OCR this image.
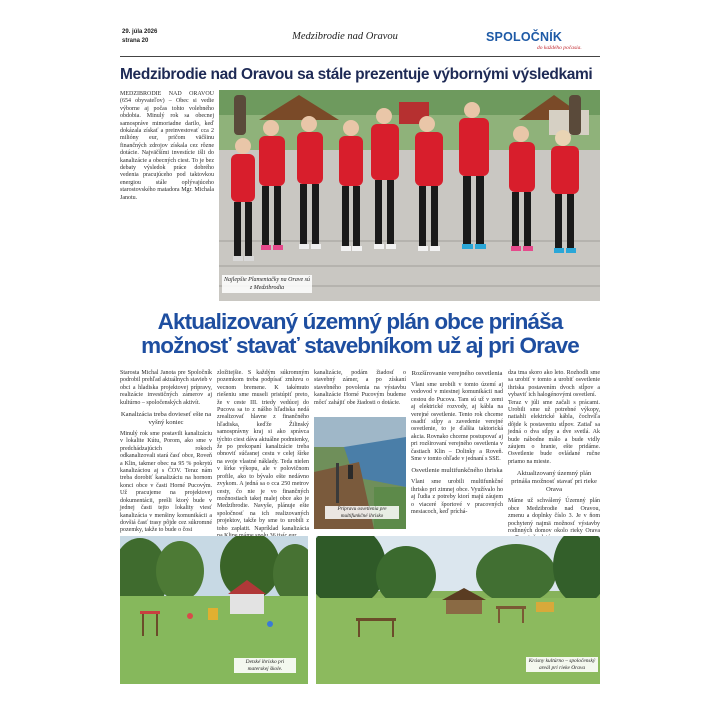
29. júla 2026
strana 20	Medzibrodie nad Oravou	SPOLOČNÍK
do každého počasia.
Medzibrodie nad Oravou sa stále prezentuje výbornými výsledkami
MEDZIBRODIE NAD ORAVOU (654 obyvateľov) – Obec si vedie výborne aj počas tohto volebného obdobia. Minulý rok sa obecnej samospráve mimoriadne darilo, keď dokázala získať a preinvestovať cca 2 milióny eur, pričom väčšinu finančných zdrojov získala cez rôzne dotácie. Najväčšími investície išli do kanalizácie a obecných ciest. To je bez debaty výsledok práce dobrého vedenia pracujúceho pod taktovkou energiou stále oplývajúceho starostovského matadora Mgr. Michala Janotu.
Najlepšie Plameniačky na Orave sú z Medzibrodia
Aktualizovaný územný plán obce prináša
možnosť stavať stavebníkom už aj pri Orave

Starosta Michal Janota pre Spoločník podrobil prehľad aktuálnych stavieb v obci a hladiska projektovej prípravy, realizácie investičných zámerov aj kultúrno – spoločenských aktivít.

Kanalizácia treba dovieseť ešte na vyšný koniec

Minulý rok sme postavili kanalizáciu v lokalite Kútu, Porom, ako sme v predchádzajúcich rokoch odkanalizovali stará časť obce, Roveň a Klin, takmer obec na 95 % pokrytú kanalizáciou aj s ČOV. Teraz nám treba dorobiť kanalizáciu na hornom konci obce v časti Horné Pucovým. Už pracujeme na projektovej dokumentácii, prešli ktorý bude v jednej časti tejto lokality viesť kanalizácia v menšiny komunikácii a dovšiá časť trasy pôjde cez súkromné pozemky, takže to bude o čosi

zložitejšie. S každým súkromným pozemkom treba podpísať zmluvu o vecnom bremene. K takémuto riešeniu sme museli pristúpiť preto, že v ceste III. triedy vedúcej do Pucova sa to z nášho hľadiska nedá zrealizovať hlavne z finančného hľadiska, keďže Žilinský samosprávny kraj si ako správca týchto ciest dáva aktuálne podmienky, že po prekopaní kanalizácie treba obnoviť súčasnej cestu v celej šírke na svoje vlastné náklady. Teda nielen v šírke výkopu, ale v polovičnom profile, ako to bývalo ešte nedávno zvykom. A jedná sa o cca 250 metrov cesty, čo nie je vo finančných možnostiach takej malej obce ako je Medzibrodie. Navyše, plánuje ešte spoločnosť na ich realizovaných projektov, takže by sme to urobili z toho zaplatit. Napríklad kanalizácia

kanalizácie, podám žiadosť o stavebný zámer, a po získaní stavebného povolenia na výstavbu kanalizácie Horné Pucovým budeme môcť zahájiť obe žiadosti o dotácie.

Prípravu osvetlenia pre multifunkčné ihrisko

Rozšírovanie verejného osvetlenia

Vlani sme urobili v tomto území aj vodovod v miestnej komunikácii nad cestou do Pucova. Tam sú už v zemi aj elektrické rozvody, aj kábla na verejné osvetlenie. Tento rok chceme osadiť stĺpy a zavedenie verejné osvetlenie, to je ďalšia taktorická akcia. Rovnako chceme postupovať aj pri rozširovaní verejného osvetlenia v častiach Klin – Dolinky a Roveň. Sme v tomto ohľade v jednaní s SSE.

Osvetlenie multifunkčného ihriska

Vlani sme urobili multifunkčné ihrisko pri zimnej obce. Využívalo ho aj ľudia z potreby ktorí majú záujem o viaceré športové v pracovných mesiacoch, keď príchá-

dza tma skoro ako leto. Rozhodli sme sa urobiť v tomto a urobiť osvetlenie ihriska postavením dvoch stĺpov a vybaviť ich halogénovými osvetlení.

Teraz v júli sme začali s prácami. Urobili sme už potrebné výkopy, natiahli elektrické kábla, čochvíľa dôjde k postaveniu stĺpov. Zatiaľ sa jedná o dva stĺpy a dve svetlá. Ak bude nábodne málo a bude vidly záujem o hranie, ešte pridáme. Osvetlenie bude ovládané ručne priamo na mieste.

Aktualizovaný územný plán prináša možnosť stavať pri rieke Orava

Máme už schválený Územný plán obce Medzibrodie nad Oravou, zmenu a doplnky číslo 3. Je v ňom pochytený najmä možnosť výstavby rodinných domov okolo rieky Orava

Detské ihrisko pri materskej škole.
Krásny kultúrno – spoločenský areál pri rieke Orava
